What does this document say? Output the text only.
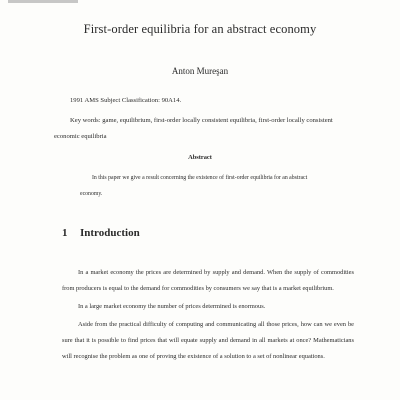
First-order equilibria for an abstract economy
Anton Mureşan
1991 AMS Subject Classification: 90A14.
Key words: game, equilibrium, first-order locally consistent equilibria, first-order locally consistent economic equilibria
Abstract
In this paper we give a result concerning the existence of first-order equilibria for an abstract economy.
1 Introduction

In a market economy the prices are determined by supply and demand. When the supply of commodities from producers is equal to the demand for commodities by consumers we say that is a market equilibrium.

In a large market economy the number of prices determined is enormous.

Aside from the practical difficulty of computing and communicating all those prices, how can we even be sure that it is possible to find prices that will equate supply and demand in all markets at once? Mathematicians will recognise the problem as one of proving the existence of a solution to a set of nonlinear equations.
